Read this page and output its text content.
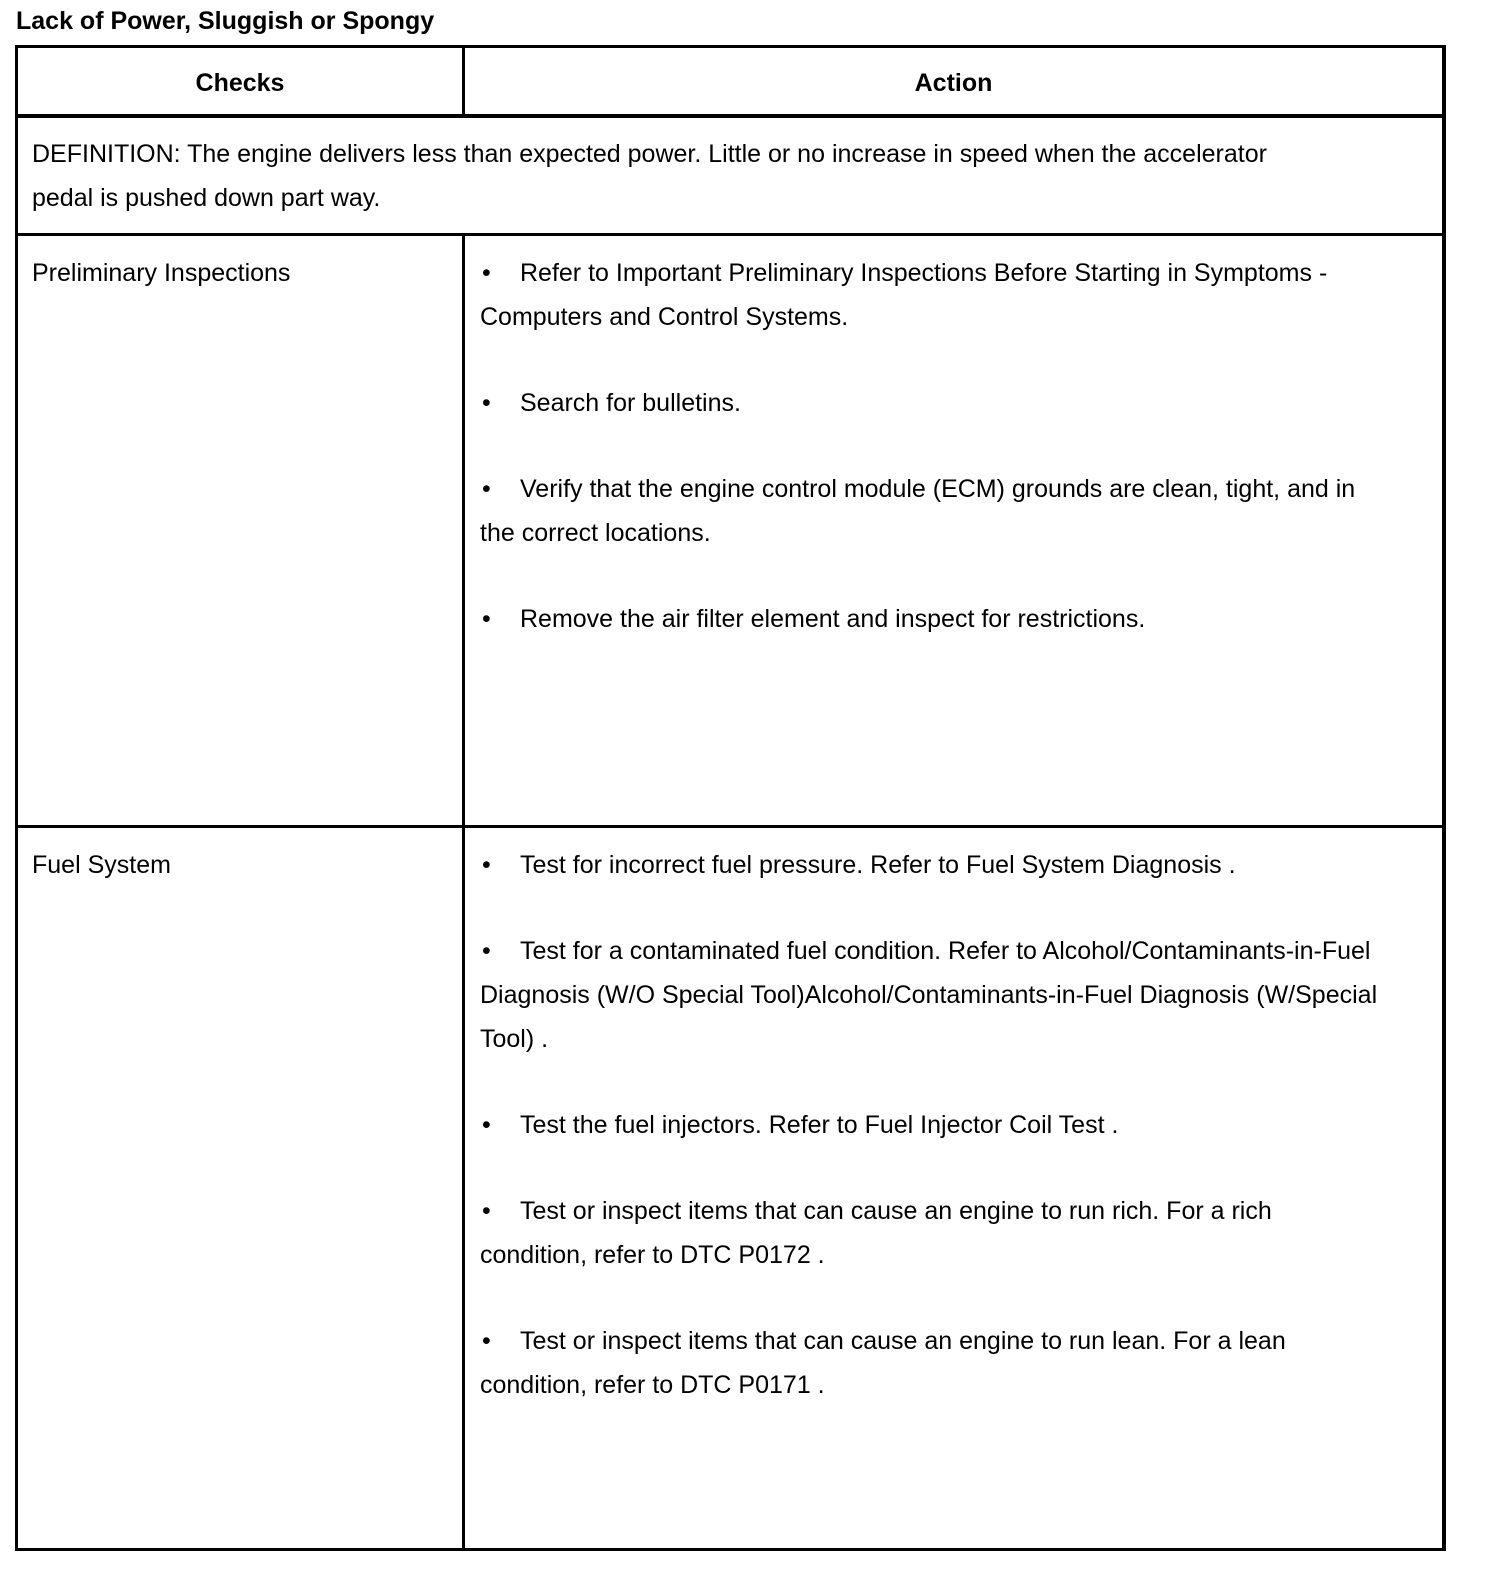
Lack of Power, Sluggish or Spongy
Checks	Action
DEFINITION: The engine delivers less than expected power. Little or no increase in speed when the accelerator pedal is pushed down part way.
Preliminary Inspections	• Refer to Important Preliminary Inspections Before Starting in Symptoms - Computers and Control Systems.
• Search for bulletins.
• Verify that the engine control module (ECM) grounds are clean, tight, and in the correct locations.
• Remove the air filter element and inspect for restrictions.
Fuel System	• Test for incorrect fuel pressure. Refer to Fuel System Diagnosis .
• Test for a contaminated fuel condition. Refer to Alcohol/Contaminants-in-Fuel Diagnosis (W/O Special Tool)Alcohol/Contaminants-in-Fuel Diagnosis (W/Special Tool) .
• Test the fuel injectors. Refer to Fuel Injector Coil Test .
• Test or inspect items that can cause an engine to run rich. For a rich condition, refer to DTC P0172 .
• Test or inspect items that can cause an engine to run lean. For a lean condition, refer to DTC P0171 .
